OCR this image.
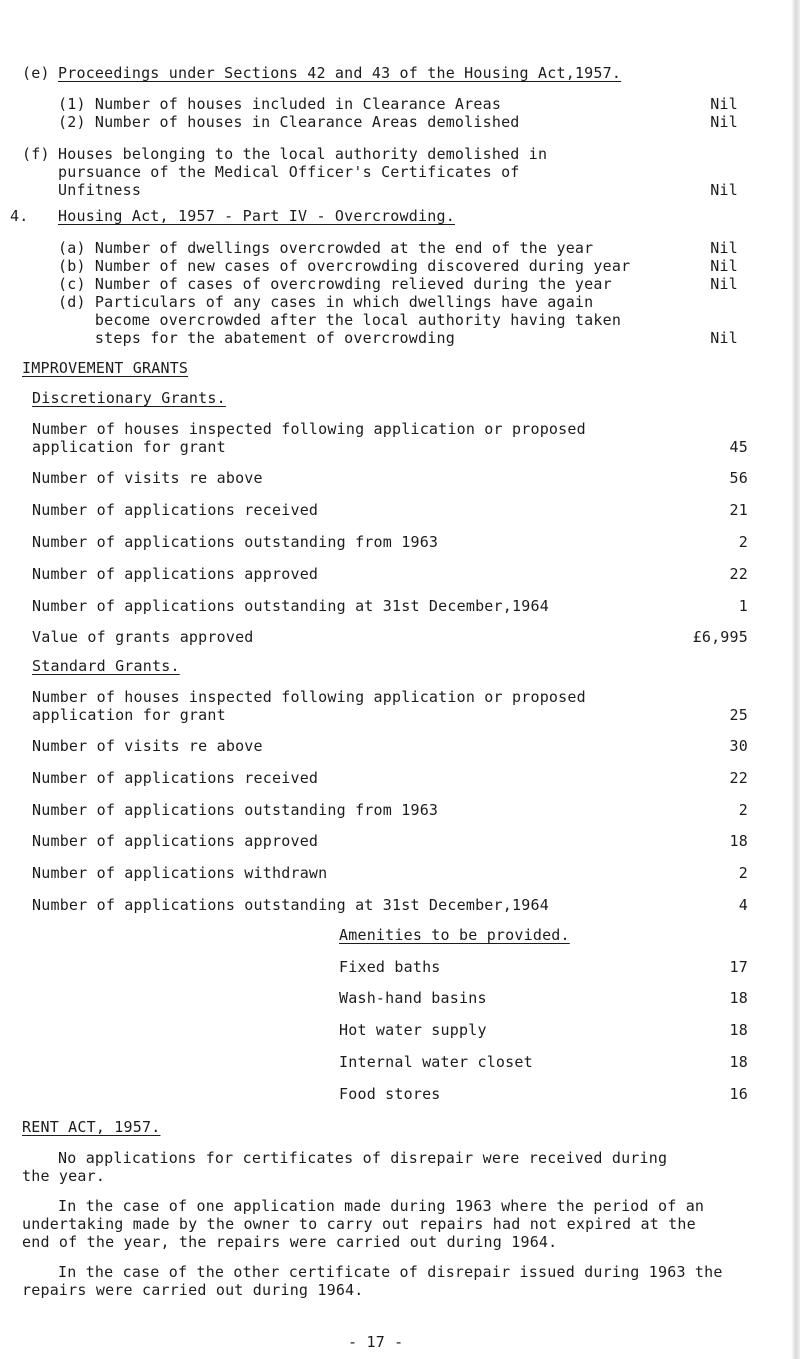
(e) Proceedings under Sections 42 and 43 of the Housing Act,1957.
(1) Number of houses included in Clearance Areas	Nil
(2) Number of houses in Clearance Areas demolished	Nil
(f) Houses belonging to the local authority demolished in
pursuance of the Medical Officer's Certificates of
Unfitness	Nil
4. Housing Act, 1957 - Part IV - Overcrowding.
(a) Number of dwellings overcrowded at the end of the year	Nil
(b) Number of new cases of overcrowding discovered during year	Nil
(c) Number of cases of overcrowding relieved during the year	Nil
(d) Particulars of any cases in which dwellings have again
become overcrowded after the local authority having taken
steps for the abatement of overcrowding	Nil
IMPROVEMENT GRANTS
Discretionary Grants.
Number of houses inspected following application or proposed
application for grant	45
Number of visits re above	56
Number of applications received	21
Number of applications outstanding from 1963	2
Number of applications approved	22
Number of applications outstanding at 31st December,1964	1
Value of grants approved	£6,995
Standard Grants.
Number of houses inspected following application or proposed
application for grant	25
Number of visits re above	30
Number of applications received	22
Number of applications outstanding from 1963	2
Number of applications approved	18
Number of applications withdrawn	2
Number of applications outstanding at 31st December,1964	4
Amenities to be provided.
Fixed baths	17
Wash-hand basins	18
Hot water supply	18
Internal water closet	18
Food stores	16
RENT ACT, 1957.
No applications for certificates of disrepair were received during
the year.
In the case of one application made during 1963 where the period of an
undertaking made by the owner to carry out repairs had not expired at the
end of the year, the repairs were carried out during 1964.
In the case of the other certificate of disrepair issued during 1963 the
repairs were carried out during 1964.
- 17 -
